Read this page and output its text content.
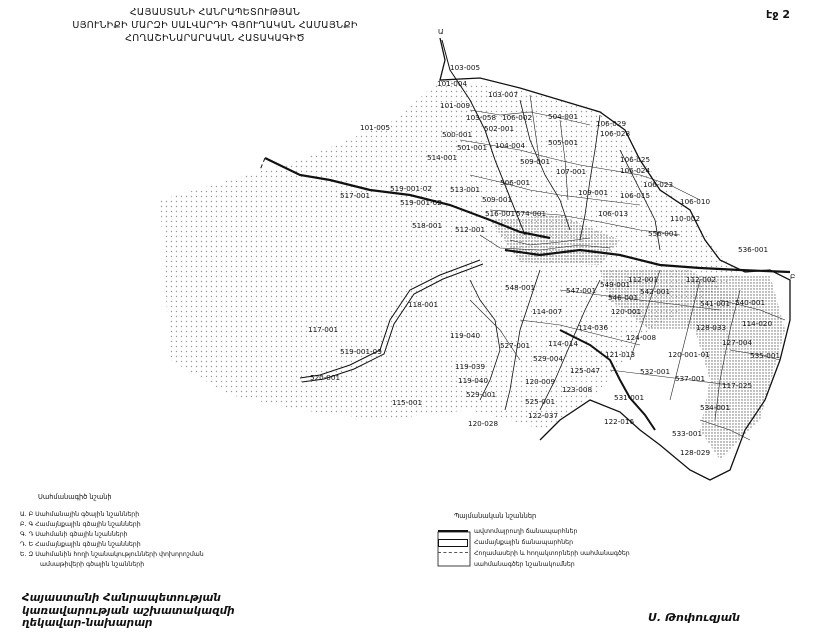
ՀԱՅԱՍՏԱՆԻ ՀԱՆՐԱՊԵՏՈՒԹՅԱՆ
ՍՅՈՒՆԻՔԻ ՄԱՐԶԻ ՍԱԼՎԱՐԴԻ ԳՅՈՒՂԱԿԱՆ ՀԱՄԱՅՆՔԻ
ՀՈՂԱՇԻՆԱՐԱՐԱԿԱՆ ՀԱՏԱԿԱԳԻԾ
էջ 2
Ա
Բ
103-005
101-004
103-007
101-009
103-058 106-002
502-001
504-001
106-029
101-005
500-001
501-001
106-028
104-004	505-001
514-001	509-001
107-001
106-025
106-024
513-001
506-001
519-001-02	109-001
106-023
517-001
519-001-02	509-001	106-015
106-010
516-001 574-001	106-013
110-002
518-001 512-001	556-001
112-001
549-001
112-002
542-001
548-001	547-001
546-001
540-001
118-001
114-007
541-001
120-001
114-020
117-001
119-040
114-036	128-033
124-008
127-004
527-001 114-014
535-001
519-001-03
119-039
529-004	121-013	120-001-01
125-047
520-001	119-040	120-009
532-001
537-001
117-025
529-001
123-008
531-001
115-001	525-001
534-001
120-028
122-037
122-016
533-001
128-029
536-001
Սահմանագիծ նշանի
Ա. Բ Սահմանային գծային նշանների
Բ. Գ Համայնքային գծային նշանների
Գ. Դ Սահմանի գծային նշանների
Դ. Ե Համայնքային գծային նշանների
Ե. Զ Սահմանին հողի նշանակությունների փոխորոշման
ամսաթիվերի գծային նշանների
Պայմանական նշաններ
ավտոմայրուղի ճանապարհներ
Համայնքային ճանապարհներ
Հողամասերի և հողակտորների սահմանագծեր
սահմանագծեր նշանակումներ
Հայաստանի Հանրապետության
կառավարության աշխատակազմի
ղեկավար-նախարար	Ս. Թոփուզյան
